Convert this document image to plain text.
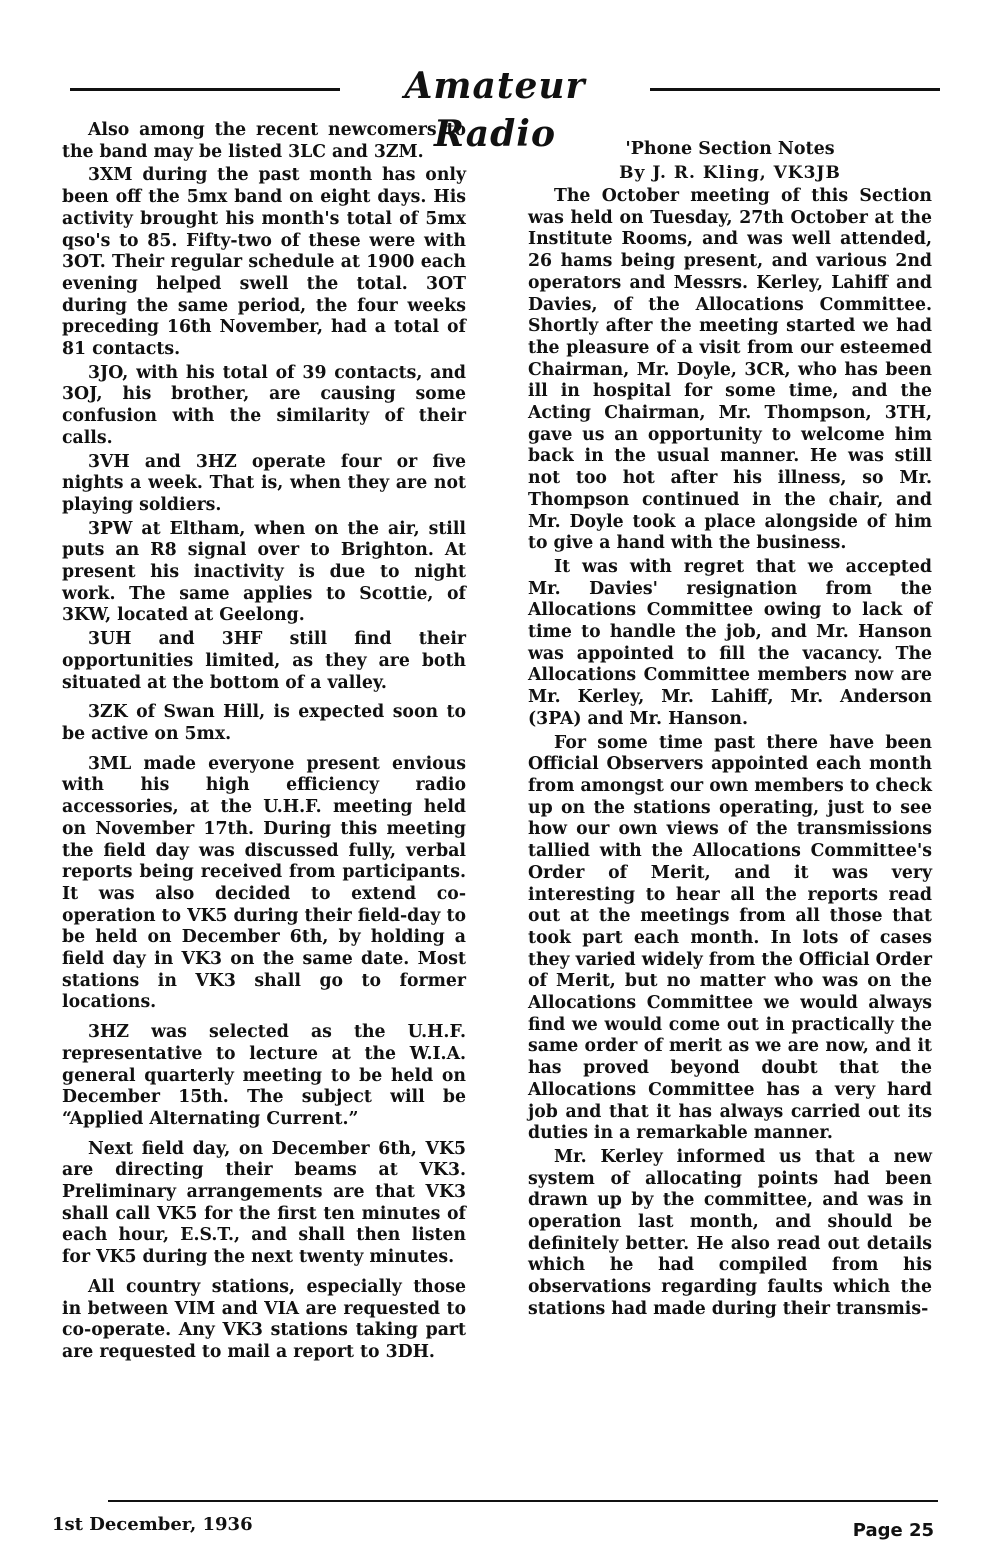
Amateur Radio

Also among the recent newcomers to the band may be listed 3LC and 3ZM.

3XM during the past month has only been off the 5mx band on eight days. His activity brought his month's total of 5mx qso's to 85. Fifty-two of these were with 3OT. Their regular schedule at 1900 each evening helped swell the total. 3OT during the same period, the four weeks preceding 16th November, had a total of 81 contacts.

3JO, with his total of 39 contacts, and 3OJ, his brother, are causing some confusion with the similarity of their calls.

3VH and 3HZ operate four or five nights a week. That is, when they are not playing soldiers.

3PW at Eltham, when on the air, still puts an R8 signal over to Brighton. At present his inactivity is due to night work. The same applies to Scottie, of 3KW, located at Geelong.

3UH and 3HF still find their opportunities limited, as they are both situated at the bottom of a valley.

3ZK of Swan Hill, is expected soon to be active on 5mx.

3ML made everyone present envious with his high efficiency radio accessories, at the U.H.F. meeting held on November 17th. During this meeting the field day was discussed fully, verbal reports being received from participants. It was also decided to extend co-operation to VK5 during their field-day to be held on December 6th, by holding a field day in VK3 on the same date. Most stations in VK3 shall go to former locations.

3HZ was selected as the U.H.F. representative to lecture at the W.I.A. general quarterly meeting to be held on December 15th. The subject will be “Applied Alternating Current.”

Next field day, on December 6th, VK5 are directing their beams at VK3. Preliminary arrangements are that VK3 shall call VK5 for the first ten minutes of each hour, E.S.T., and shall then listen for VK5 during the next twenty minutes.

All country stations, especially those in between VIM and VIA are requested to co-operate. Any VK3 stations taking part are requested to mail a report to 3DH.

'Phone Section Notes
By J. R. Kling, VK3JB

The October meeting of this Section was held on Tuesday, 27th October at the Institute Rooms, and was well attended, 26 hams being present, and various 2nd operators and Messrs. Kerley, Lahiff and Davies, of the Allocations Committee. Shortly after the meeting started we had the pleasure of a visit from our esteemed Chairman, Mr. Doyle, 3CR, who has been ill in hospital for some time, and the Acting Chairman, Mr. Thompson, 3TH, gave us an opportunity to welcome him back in the usual manner. He was still not too hot after his illness, so Mr. Thompson continued in the chair, and Mr. Doyle took a place alongside of him to give a hand with the business.

It was with regret that we accepted Mr. Davies' resignation from the Allocations Committee owing to lack of time to handle the job, and Mr. Hanson was appointed to fill the vacancy. The Allocations Committee members now are Mr. Kerley, Mr. Lahiff, Mr. Anderson (3PA) and Mr. Hanson.

For some time past there have been Official Observers appointed each month from amongst our own members to check up on the stations operating, just to see how our own views of the transmissions tallied with the Allocations Committee's Order of Merit, and it was very interesting to hear all the reports read out at the meetings from all those that took part each month. In lots of cases they varied widely from the Official Order of Merit, but no matter who was on the Allocations Committee we would always find we would come out in practically the same order of merit as we are now, and it has proved beyond doubt that the Allocations Committee has a very hard job and that it has always carried out its duties in a remarkable manner.

Mr. Kerley informed us that a new system of allocating points had been drawn up by the committee, and was in operation last month, and should be definitely better. He also read out details which he had compiled from his observations regarding faults which the stations had made during their transmis-

1st December, 1936	Page 25
